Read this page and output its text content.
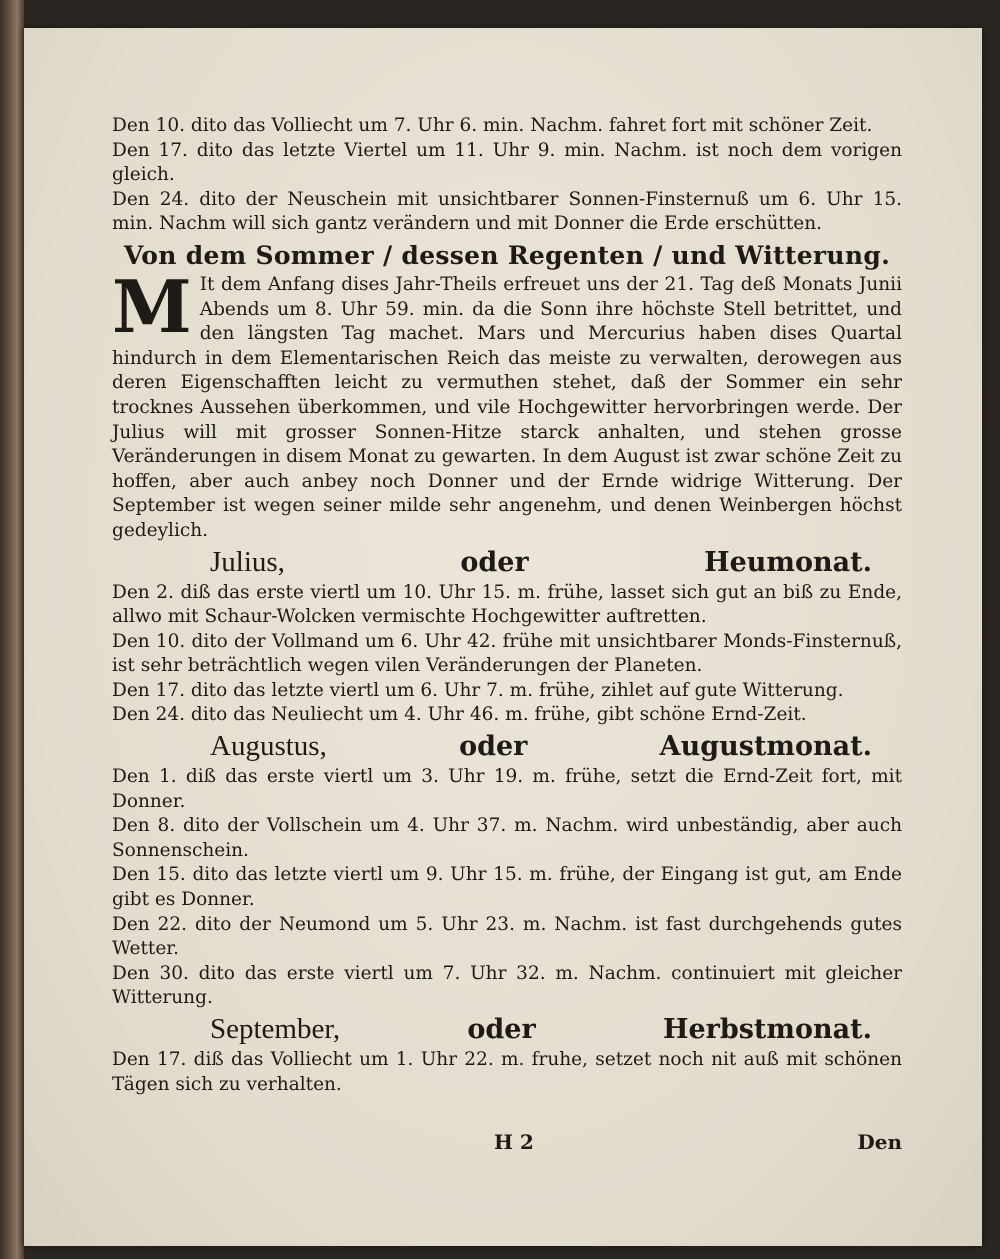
Den 10. dito das Volliecht um 7. Uhr 6. min. Nachm. fahret fort mit schöner Zeit.

Den 17. dito das letzte Viertel um 11. Uhr 9. min. Nachm. ist noch dem vorigen gleich.

Den 24. dito der Neuschein mit unsichtbarer Sonnen-Finsternuß um 6. Uhr 15. min. Nachm will sich gantz verändern und mit Donner die Erde erschütten.

Von dem Sommer / dessen Regenten / und Witterung.

M It dem Anfang dises Jahr-Theils erfreuet uns der 21. Tag deß Monats Junii Abends um 8. Uhr 59. min. da die Sonn ihre höchste Stell betrittet, und den längsten Tag machet. Mars und Mercurius haben dises Quartal hindurch in dem Elementarischen Reich das meiste zu verwalten, derowegen aus deren Eigenschafften leicht zu vermuthen stehet, daß der Sommer ein sehr trocknes Aussehen überkommen, und vile Hochgewitter hervorbringen werde. Der Julius will mit grosser Sonnen-Hitze starck anhalten, und stehen grosse Veränderungen in disem Monat zu gewarten. In dem August ist zwar schöne Zeit zu hoffen, aber auch anbey noch Donner und der Ernde widrige Witterung. Der September ist wegen seiner milde sehr angenehm, und denen Weinbergen höchst gedeylich.

Julius,	oder	Heumonat.

Den 2. diß das erste viertl um 10. Uhr 15. m. frühe, lasset sich gut an biß zu Ende, allwo mit Schaur-Wolcken vermischte Hochgewitter auftretten.

Den 10. dito der Vollmand um 6. Uhr 42. frühe mit unsichtbarer Monds-Finsternuß, ist sehr beträchtlich wegen vilen Veränderungen der Planeten.

Den 17. dito das letzte viertl um 6. Uhr 7. m. frühe, zihlet auf gute Witterung.

Den 24. dito das Neuliecht um 4. Uhr 46. m. frühe, gibt schöne Ernd-Zeit.

Augustus,	oder	Augustmonat.

Den 1. diß das erste viertl um 3. Uhr 19. m. frühe, setzt die Ernd-Zeit fort, mit Donner.

Den 8. dito der Vollschein um 4. Uhr 37. m. Nachm. wird unbeständig, aber auch Sonnenschein.

Den 15. dito das letzte viertl um 9. Uhr 15. m. frühe, der Eingang ist gut, am Ende gibt es Donner.

Den 22. dito der Neumond um 5. Uhr 23. m. Nachm. ist fast durchgehends gutes Wetter.

Den 30. dito das erste viertl um 7. Uhr 32. m. Nachm. continuiert mit gleicher Witterung.

September,	oder	Herbstmonat.

Den 17. diß das Volliecht um 1. Uhr 22. m. fruhe, setzet noch nit auß mit schönen Tägen sich zu verhalten.

H 2	Den
